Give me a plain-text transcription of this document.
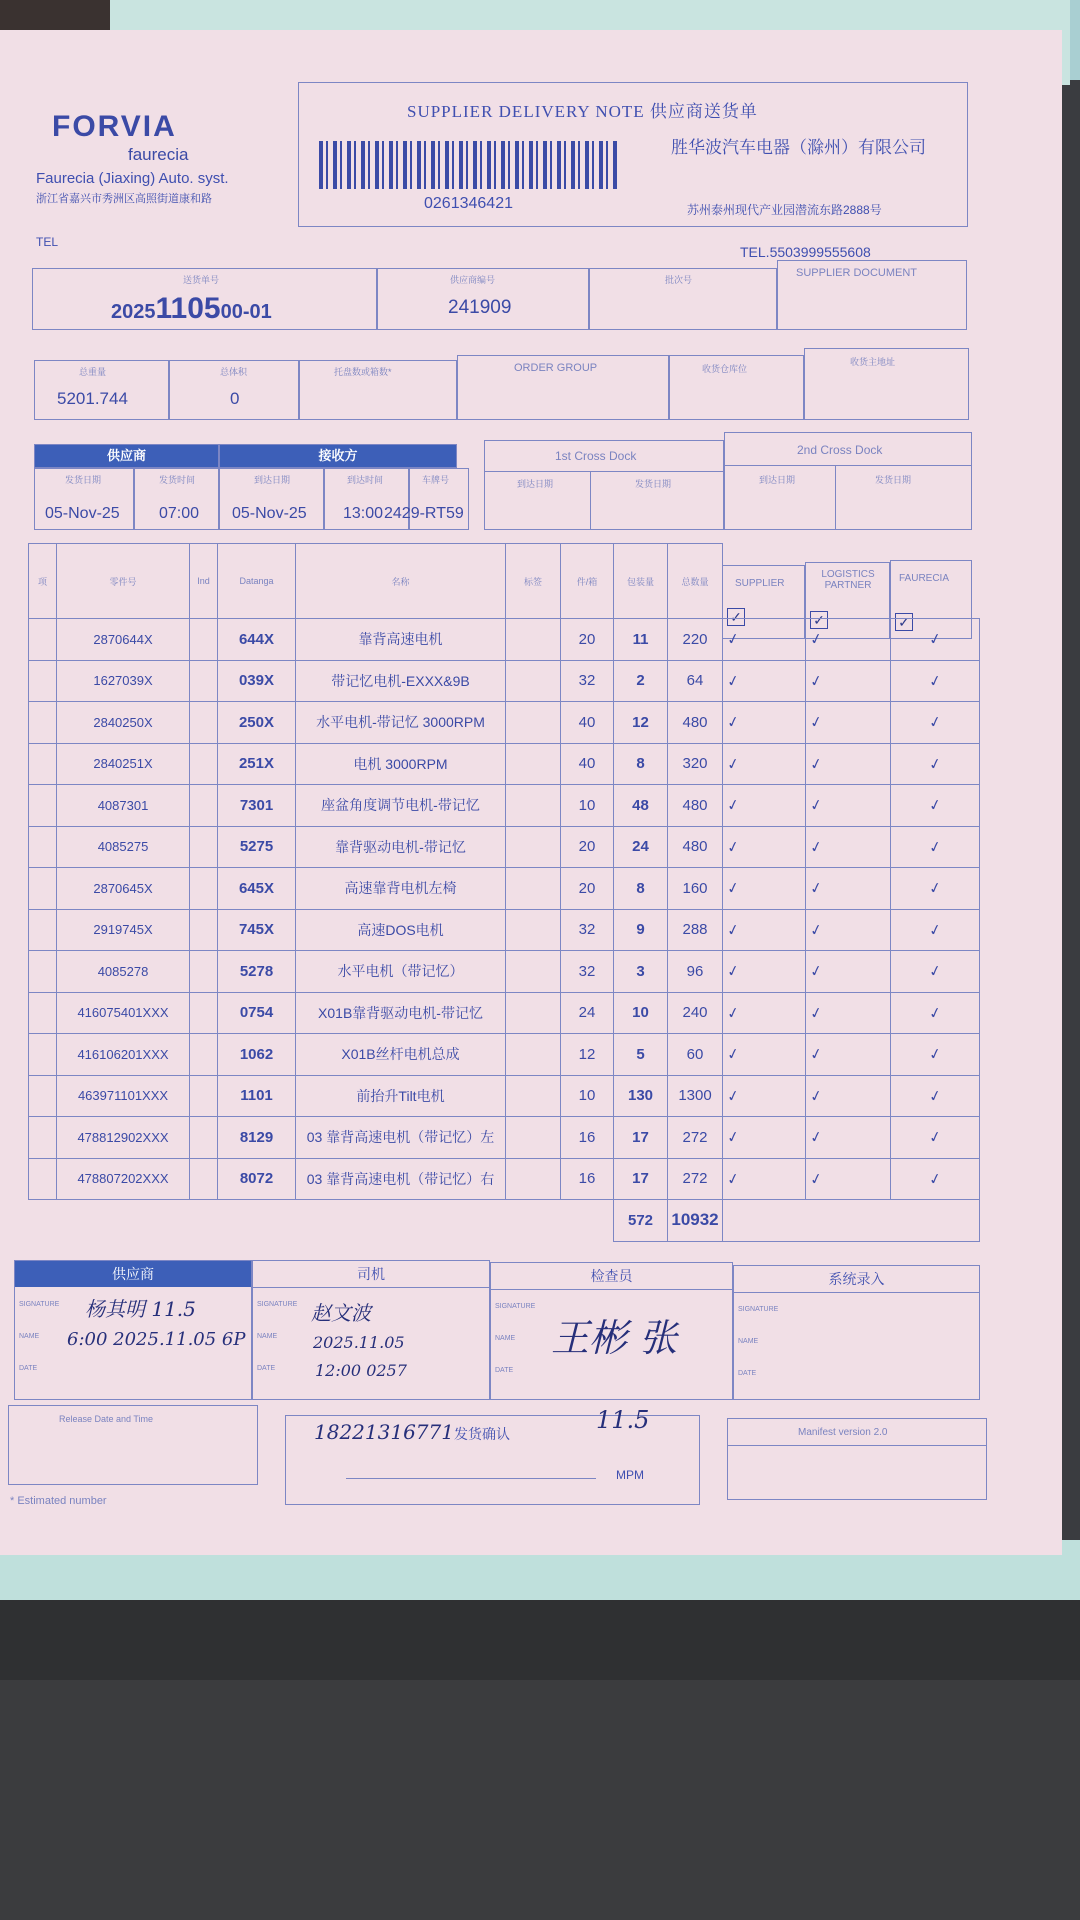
FORVIA
faurecia
Faurecia (Jiaxing) Auto. syst.
浙江省嘉兴市秀洲区高照街道康和路
TEL
SUPPLIER DELIVERY NOTE 供应商送货单
0261346421
胜华波汽车电器（滁州）有限公司
苏州泰州现代产业园潜流东路2888号
TEL.5503999555608
送货单号
2025110500-01
供应商编号
241909
批次号
SUPPLIER DOCUMENT
总重量
5201.744
总体积
0
托盘数或箱数*	ORDER GROUP	收货仓库位
收货主地址
供应商	接收方
发货日期
05-Nov-25
发货时间
07:00
到达日期
05-Nov-25
到达时间
13:00
车牌号
2429-RT59
1st Cross Dock
到达日期	发货日期
2nd Cross Dock
到达日期	发货日期
SUPPLIER
✓
LOGISTICS PARTNER
✓
FAURECIA
✓
项	零件号	Ind	Datanga	名称	标签	件/箱	包装量	总数量			
	2870644X		644X	靠背高速电机		20	11	220	✓	✓	✓
	1627039X		039X	带记忆电机-EXXX&9B		32	2	64	✓	✓	✓
	2840250X		250X	水平电机-带记忆 3000RPM		40	12	480	✓	✓	✓
	2840251X		251X	电机 3000RPM		40	8	320	✓	✓	✓
	4087301		7301	座盆角度调节电机-带记忆		10	48	480	✓	✓	✓
	4085275		5275	靠背驱动电机-带记忆		20	24	480	✓	✓	✓
	2870645X		645X	高速靠背电机左椅		20	8	160	✓	✓	✓
	2919745X		745X	高速DOS电机		32	9	288	✓	✓	✓
	4085278		5278	水平电机（带记忆）		32	3	96	✓	✓	✓
	416075401XXX		0754	X01B靠背驱动电机-带记忆		24	10	240	✓	✓	✓
	416106201XXX		1062	X01B丝杆电机总成		12	5	60	✓	✓	✓
	463971101XXX		1101	前抬升Tilt电机		10	130	1300	✓	✓	✓
	478812902XXX		8129	03 靠背高速电机（带记忆）左		16	17	272	✓	✓	✓
	478807202XXX		8072	03 靠背高速电机（带记忆）右		16	17	272	✓	✓	✓
							572	10932			
供应商
SIGNATURE
NAME
DATE
杨其明 11.5
6:00 2025.11.05 6P
司机
SIGNATURE
NAME
DATE
赵文波
2025.11.05
12:00 0257
检查员
SIGNATURE
NAME
DATE
王彬 张
系统录入
SIGNATURE
NAME
DATE
Release Date and Time
18221316771 发货确认	11.5
MPM
Manifest version 2.0
* Estimated number
